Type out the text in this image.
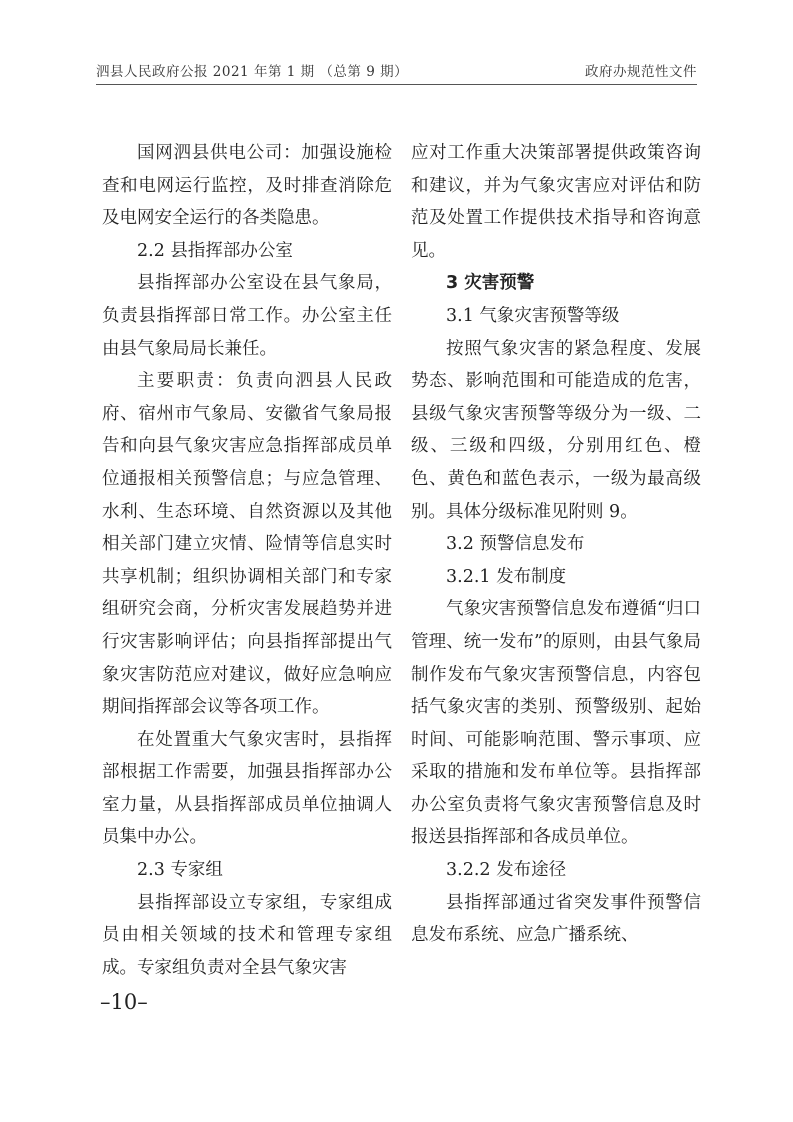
泗县人民政府公报 2021 年第 1 期 （总第 9 期）	政府办规范性文件

国网泗县供电公司：加强设施检查和电网运行监控，及时排查消除危及电网安全运行的各类隐患。

2.2 县指挥部办公室

县指挥部办公室设在县气象局，负责县指挥部日常工作。办公室主任由县气象局局长兼任。

主要职责：负责向泗县人民政府、宿州市气象局、安徽省气象局报告和向县气象灾害应急指挥部成员单位通报相关预警信息；与应急管理、水利、生态环境、自然资源以及其他相关部门建立灾情、险情等信息实时共享机制；组织协调相关部门和专家组研究会商，分析灾害发展趋势并进行灾害影响评估；向县指挥部提出气象灾害防范应对建议，做好应急响应期间指挥部会议等各项工作。

在处置重大气象灾害时，县指挥部根据工作需要，加强县指挥部办公室力量，从县指挥部成员单位抽调人员集中办公。

2.3 专家组

县指挥部设立专家组，专家组成员由相关领域的技术和管理专家组成。专家组负责对全县气象灾害

应对工作重大决策部署提供政策咨询和建议，并为气象灾害应对评估和防范及处置工作提供技术指导和咨询意见。

3 灾害预警

3.1 气象灾害预警等级

按照气象灾害的紧急程度、发展势态、影响范围和可能造成的危害，县级气象灾害预警等级分为一级、二级、三级和四级，分别用红色、橙色、黄色和蓝色表示，一级为最高级别。具体分级标准见附则 9。

3.2 预警信息发布

3.2.1 发布制度

气象灾害预警信息发布遵循“归口管理、统一发布”的原则，由县气象局制作发布气象灾害预警信息，内容包括气象灾害的类别、预警级别、起始时间、可能影响范围、警示事项、应采取的措施和发布单位等。县指挥部办公室负责将气象灾害预警信息及时报送县指挥部和各成员单位。

3.2.2 发布途径

县指挥部通过省突发事件预警信息发布系统、应急广播系统、

–10–
